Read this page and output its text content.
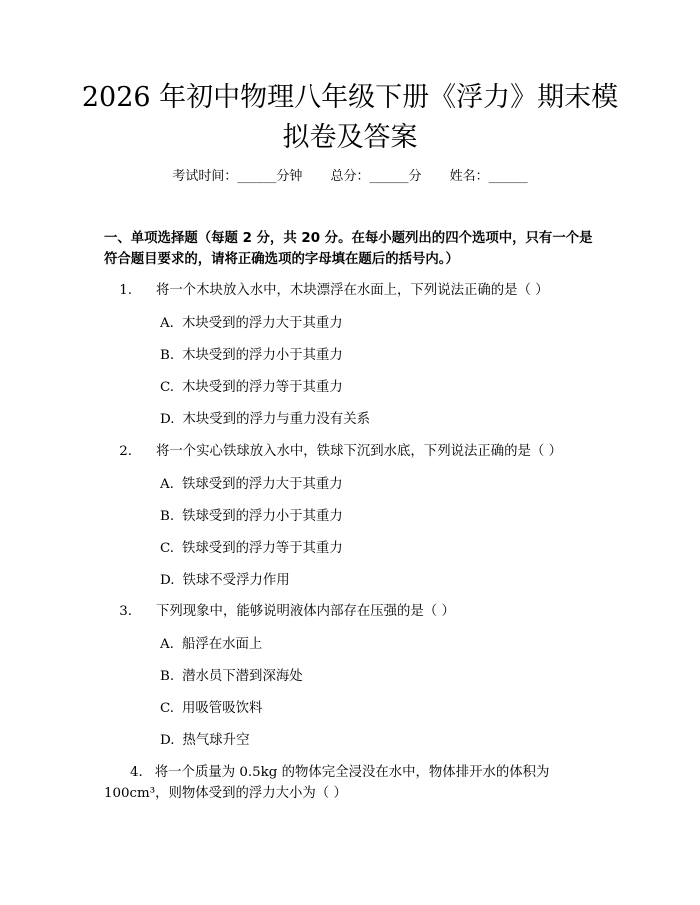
2026 年初中物理八年级下册《浮力》期末模
拟卷及答案
考试时间：______分钟 总分：______分 姓名：______
一、单项选择题（每题 2 分，共 20 分。在每小题列出的四个选项中，只有一个是
符合题目要求的，请将正确选项的字母填在题后的括号内。）
1. 将一个木块放入水中，木块漂浮在水面上，下列说法正确的是（ ）
A. 木块受到的浮力大于其重力
B. 木块受到的浮力小于其重力
C. 木块受到的浮力等于其重力
D. 木块受到的浮力与重力没有关系
2. 将一个实心铁球放入水中，铁球下沉到水底，下列说法正确的是（ ）
A. 铁球受到的浮力大于其重力
B. 铁球受到的浮力小于其重力
C. 铁球受到的浮力等于其重力
D. 铁球不受浮力作用
3. 下列现象中，能够说明液体内部存在压强的是（ ）
A. 船浮在水面上
B. 潜水员下潜到深海处
C. 用吸管吸饮料
D. 热气球升空
4. 将一个质量为 0.5kg 的物体完全浸没在水中，物体排开水的体积为 100cm³，则物体受到的浮力大小为（ ）
